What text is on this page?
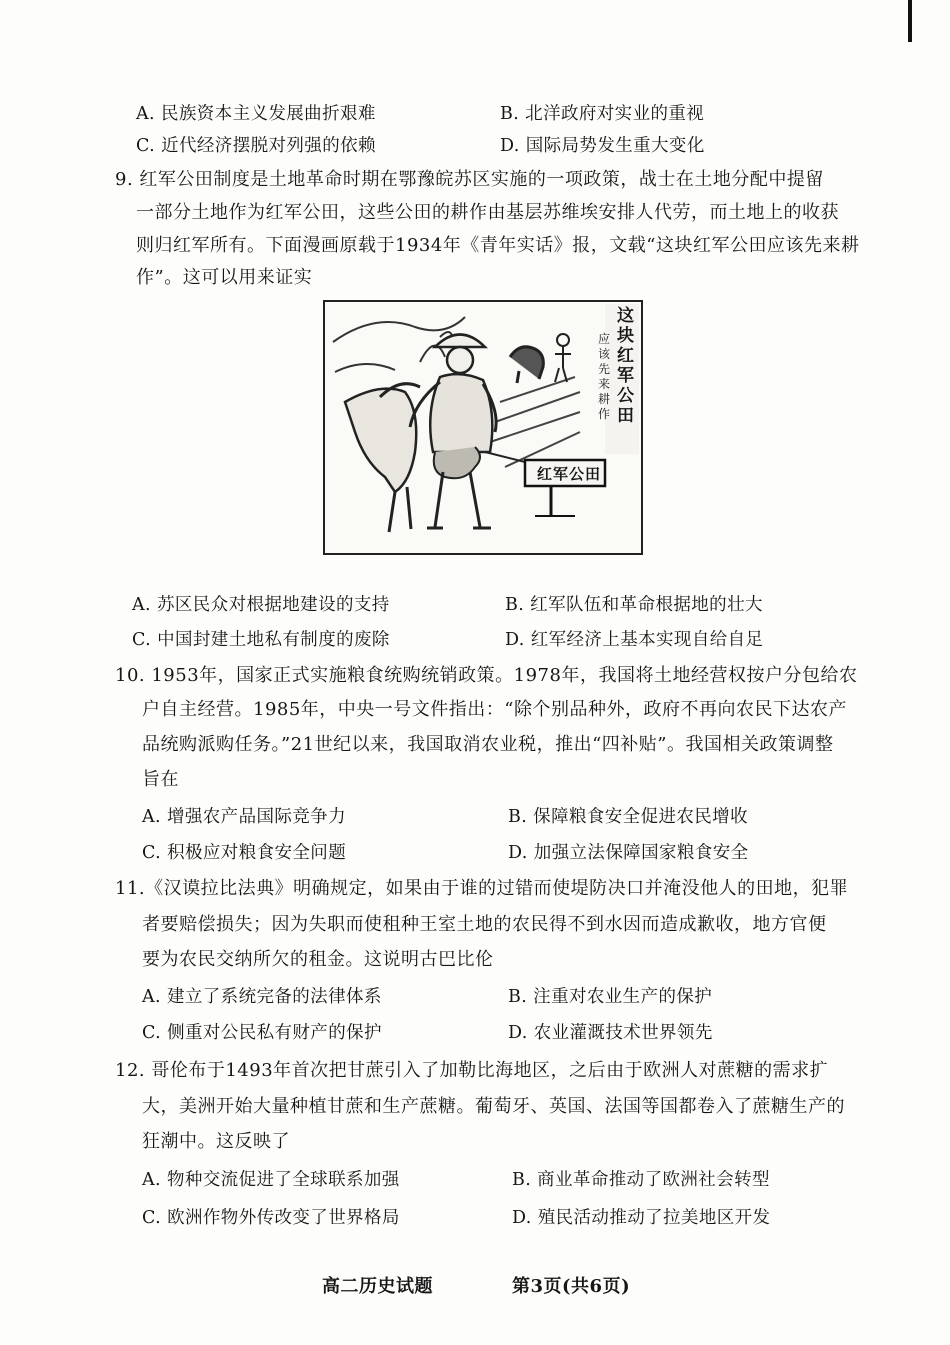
A. 民族资本主义发展曲折艰难	B. 北洋政府对实业的重视
C. 近代经济摆脱对列强的依赖	D. 国际局势发生重大变化
9. 红军公田制度是土地革命时期在鄂豫皖苏区实施的一项政策，战士在土地分配中提留
一部分土地作为红军公田，这些公田的耕作由基层苏维埃安排人代劳，而土地上的收获
则归红军所有。下面漫画原载于1934年《青年实话》报，文载“这块红军公田应该先来耕
作”。这可以用来证实
红军公田
这块红军公田
应该先来耕作
A. 苏区民众对根据地建设的支持	B. 红军队伍和革命根据地的壮大
C. 中国封建土地私有制度的废除	D. 红军经济上基本实现自给自足
10. 1953年，国家正式实施粮食统购统销政策。1978年，我国将土地经营权按户分包给农
户自主经营。1985年，中央一号文件指出：“除个别品种外，政府不再向农民下达农产
品统购派购任务。”21世纪以来，我国取消农业税，推出“四补贴”。我国相关政策调整
旨在
A. 增强农产品国际竞争力	B. 保障粮食安全促进农民增收
C. 积极应对粮食安全问题	D. 加强立法保障国家粮食安全
11.《汉谟拉比法典》明确规定，如果由于谁的过错而使堤防决口并淹没他人的田地，犯罪
者要赔偿损失；因为失职而使租种王室土地的农民得不到水因而造成歉收，地方官便
要为农民交纳所欠的租金。这说明古巴比伦
A. 建立了系统完备的法律体系	B. 注重对农业生产的保护
C. 侧重对公民私有财产的保护	D. 农业灌溉技术世界领先
12. 哥伦布于1493年首次把甘蔗引入了加勒比海地区，之后由于欧洲人对蔗糖的需求扩
大，美洲开始大量种植甘蔗和生产蔗糖。葡萄牙、英国、法国等国都卷入了蔗糖生产的
狂潮中。这反映了
A. 物种交流促进了全球联系加强	B. 商业革命推动了欧洲社会转型
C. 欧洲作物外传改变了世界格局	D. 殖民活动推动了拉美地区开发
高二历史试题	第3页(共6页)
